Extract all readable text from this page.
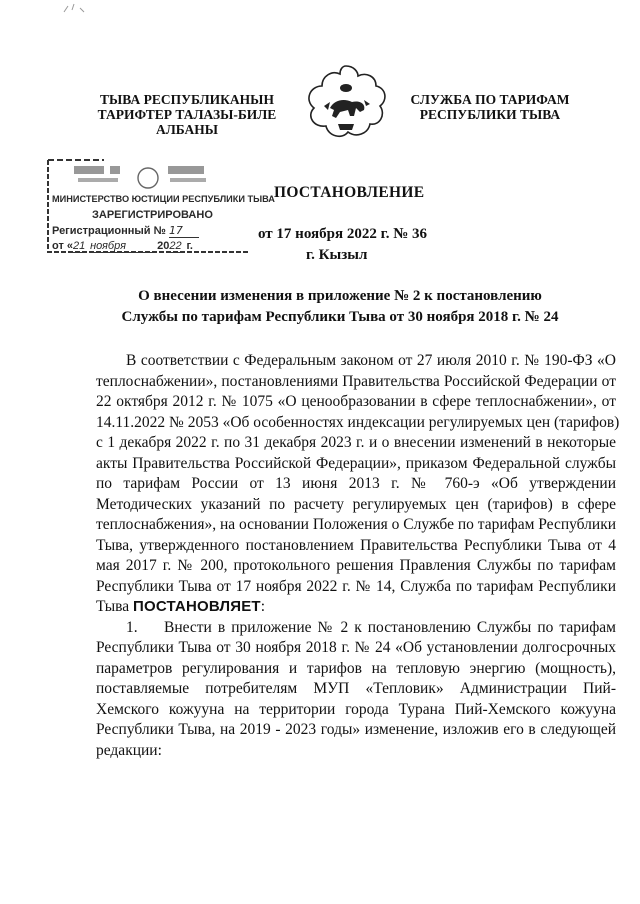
ТЫВА РЕСПУБЛИКАНЫН
ТАРИФТЕР ТАЛАЗЫ-БИЛЕ
АЛБАНЫ
СЛУЖБА ПО ТАРИФАМ
РЕСПУБЛИКИ ТЫВА
МИНИСТЕРСТВО ЮСТИЦИИ РЕСПУБЛИКИ ТЫВА
ЗАРЕГИСТРИРОВАНО
Регистрационный № 17
от «21 ноября	2022 г.
ПОСТАНОВЛЕНИЕ
от 17 ноября 2022 г. № 36
г. Кызыл
О внесении изменения в приложение № 2 к постановлению
Службы по тарифам Республики Тыва от 30 ноября 2018 г. № 24
В соответствии с Федеральным законом от 27 июля 2010 г. № 190-ФЗ «О
теплоснабжении», постановлениями Правительства Российской Федерации от
22 октября 2012 г. № 1075 «О ценообразовании в сфере теплоснабжении», от
14.11.2022 № 2053 «Об особенностях индексации регулируемых цен (тарифов)
с 1 декабря 2022 г. по 31 декабря 2023 г. и о внесении изменений в некоторые
акты Правительства Российской Федерации», приказом Федеральной службы
по тарифам России от 13 июня 2013 г. № 760-э «Об утверждении
Методических указаний по расчету регулируемых цен (тарифов) в сфере
теплоснабжения», на основании Положения о Службе по тарифам Республики
Тыва, утвержденного постановлением Правительства Республики Тыва от 4
мая 2017 г. № 200, протокольного решения Правления Службы по тарифам
Республики Тыва от 17 ноября 2022 г. № 14, Служба по тарифам Республики
Тыва ПОСТАНОВЛЯЕТ:
1. Внести в приложение № 2 к постановлению Службы по тарифам
Республики Тыва от 30 ноября 2018 г. № 24 «Об установлении долгосрочных
параметров регулирования и тарифов на тепловую энергию (мощность),
поставляемые потребителям МУП «Тепловик» Администрации Пий-
Хемского кожууна на территории города Турана Пий-Хемского кожууна
Республики Тыва, на 2019 - 2023 годы» изменение, изложив его в следующей
редакции:
